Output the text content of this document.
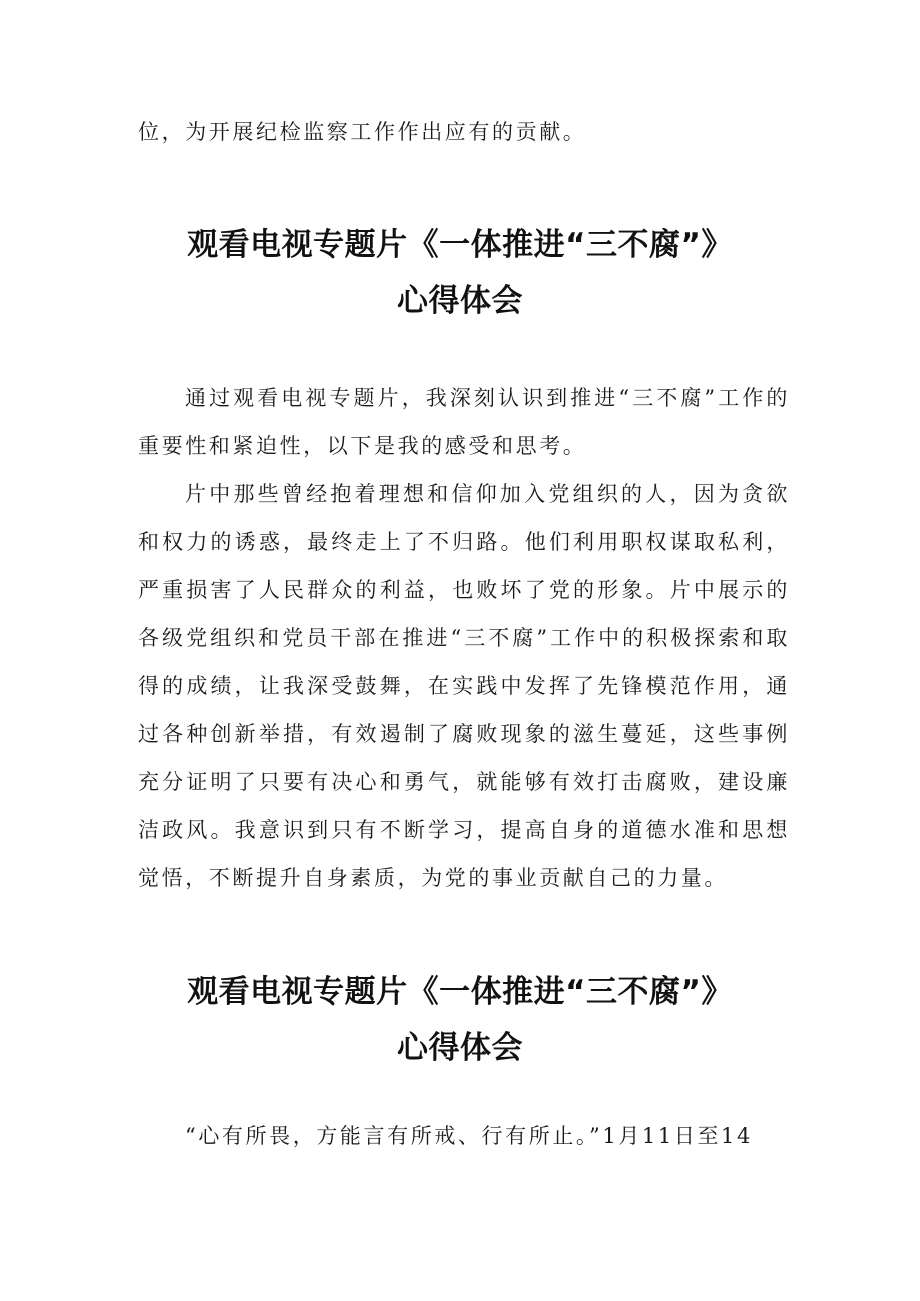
位，为开展纪检监察工作作出应有的贡献。

观看电视专题片《一体推进“三不腐”》
心得体会

通过观看电视专题片，我深刻认识到推进“三不腐”工作的重要性和紧迫性，以下是我的感受和思考。

片中那些曾经抱着理想和信仰加入党组织的人，因为贪欲和权力的诱惑，最终走上了不归路。他们利用职权谋取私利，严重损害了人民群众的利益，也败坏了党的形象。片中展示的各级党组织和党员干部在推进“三不腐”工作中的积极探索和取得的成绩，让我深受鼓舞，在实践中发挥了先锋模范作用，通过各种创新举措，有效遏制了腐败现象的滋生蔓延，这些事例充分证明了只要有决心和勇气，就能够有效打击腐败，建设廉洁政风。我意识到只有不断学习，提高自身的道德水准和思想觉悟，不断提升自身素质，为党的事业贡献自己的力量。

观看电视专题片《一体推进“三不腐”》
心得体会

“心有所畏，方能言有所戒、行有所止。”1月11日至14
